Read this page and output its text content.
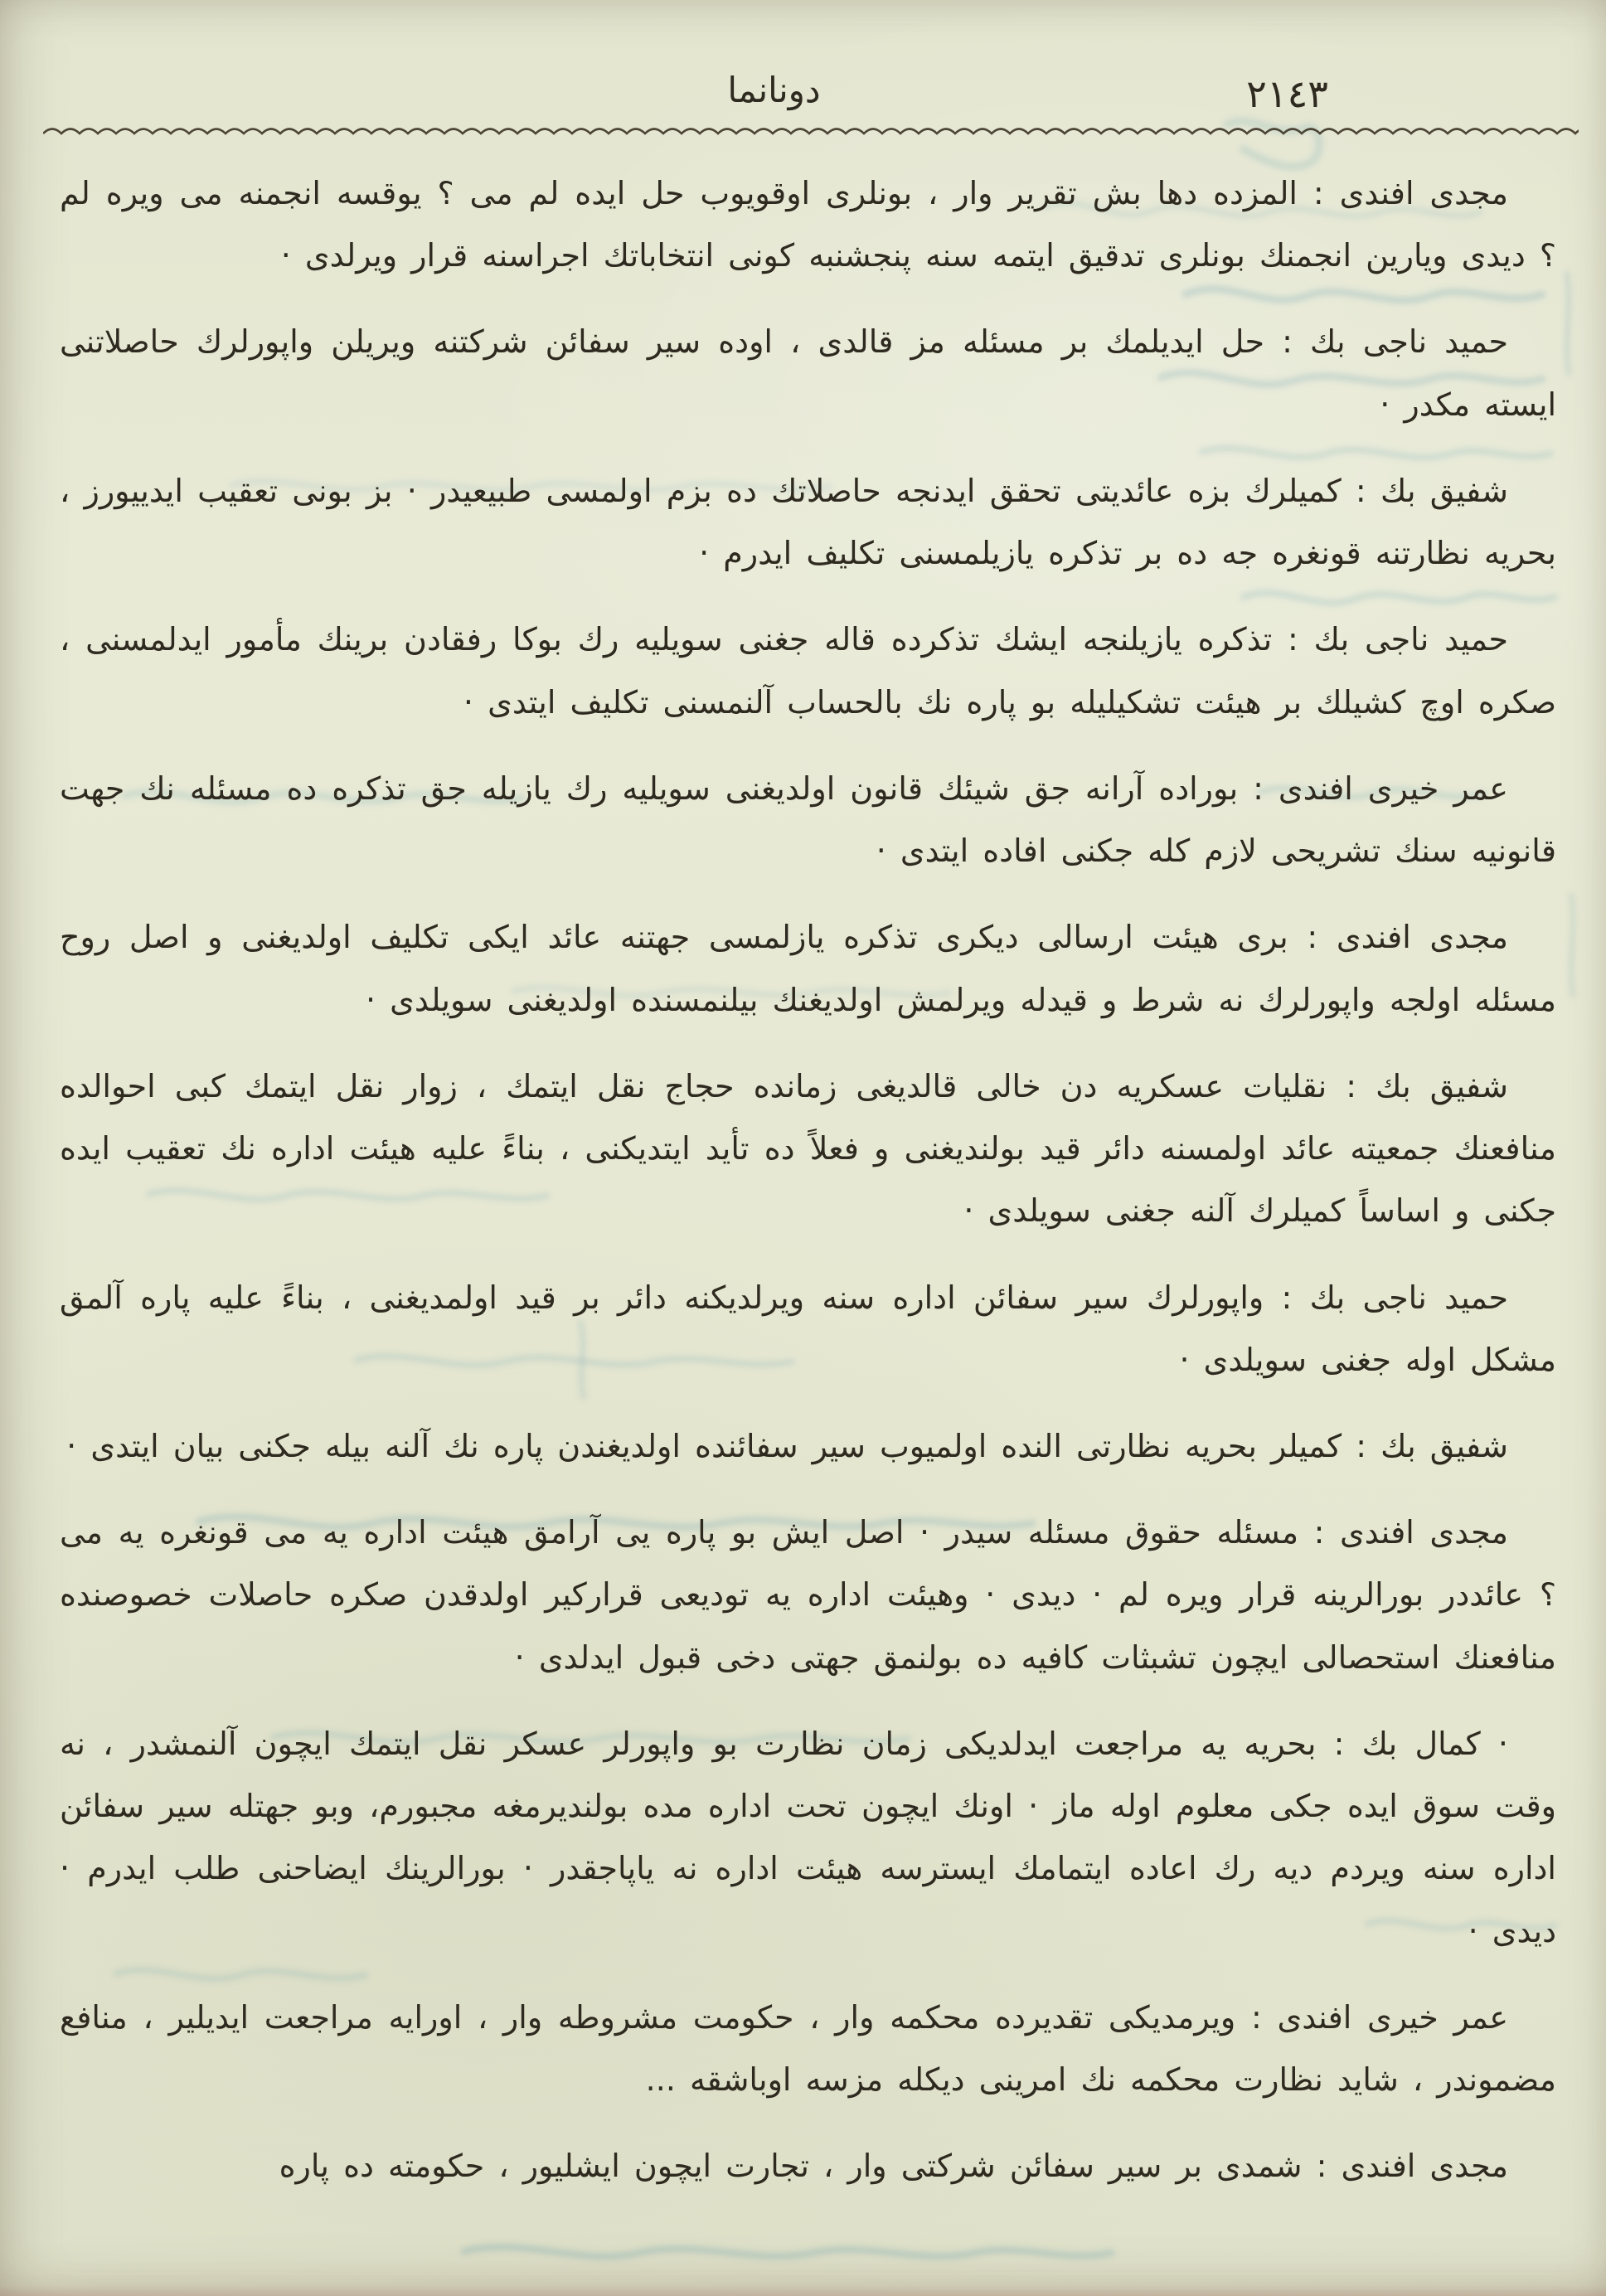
٢١٤٣
دونانما

مجدى افندى : المزده دها بش تقرير وار ، بونلرى اوقويوب حل ايده لم مى ؟ يوقسه انجمنه مى ويره لم ؟ ديدى ويارين انجمنك بونلرى تدقيق ايتمه سنه پنجشنبه كونى انتخاباتك اجراسنه قرار ويرلدى ·

حميد ناجى بك : حل ايديلمك بر مسئله مز قالدى ، اوده سير سفائن شركتنه ويريلن واپورلرك حاصلاتنى ايسته مكدر ·

شفيق بك : كميلرك بزه عائديتى تحقق ايدنجه حاصلاتك ده بزم اولمسى طبيعيدر · بز بونى تعقيب ايدييورز ، بحريه نظارتنه قونغره جه ده بر تذكره يازيلمسنى تكليف ايدرم ·

حميد ناجى بك : تذكره يازيلنجه ايشك تذكرده قاله جغنى سويليه رك بوكا رفقادن برينك مأمور ايدلمسنى ، صكره اوچ كشيلك بر هيئت تشكيليله بو پاره نك بالحساب آلنمسنى تكليف ايتدى ·

عمر خيرى افندى : بوراده آرانه جق شيئك قانون اولديغنى سويليه رك يازيله جق تذكره ده مسئله نك جهت قانونيه سنك تشريحى لازم كله جكنى افاده ايتدى ·

مجدى افندى : برى هيئت ارسالى ديكرى تذكره يازلمسى جهتنه عائد ايكى تكليف اولديغنى و اصل روح مسئله اولجه واپورلرك نه شرط و قيدله ويرلمش اولديغنك بيلنمسنده اولديغنى سويلدى ·

شفيق بك : نقليات عسكريه دن خالى قالديغى زمانده حجاج نقل ايتمك ، زوار نقل ايتمك كبى احوالده منافعنك جمعيته عائد اولمسنه دائر قيد بولنديغنى و فعلاً ده تأيد ايتديكنى ، بناءً عليه هيئت اداره نك تعقيب ايده جكنى و اساساً كميلرك آلنه جغنى سويلدى ·

حميد ناجى بك : واپورلرك سير سفائن اداره سنه ويرلديكنه دائر بر قيد اولمديغنى ، بناءً عليه پاره آلمق مشكل اوله جغنى سويلدى ·

شفيق بك : كميلر بحريه نظارتى النده اولميوب سير سفائنده اولديغندن پاره نك آلنه بيله جكنى بيان ايتدى ·

مجدى افندى : مسئله حقوق مسئله سيدر · اصل ايش بو پاره يى آرامق هيئت اداره يه مى قونغره يه مى ؟ عائددر بورالرينه قرار ويره لم · ديدى · وهيئت اداره يه توديعى قراركير اولدقدن صكره حاصلات خصوصنده منافعنك استحصالى ايچون تشبثات كافيه ده بولنمق جهتى دخى قبول ايدلدى ·

· كمال بك : بحريه يه مراجعت ايدلديكى زمان نظارت بو واپورلر عسكر نقل ايتمك ايچون آلنمشدر ، نه وقت سوق ايده جكى معلوم اوله ماز · اونك ايچون تحت اداره مده بولنديرمغه مجبورم، وبو جهتله سير سفائن اداره سنه ويردم ديه رك اعاده ايتمامك ايسترسه هيئت اداره نه ياپاجقدر · بورالرينك ايضاحنى طلب ايدرم · ديدى ·

عمر خيرى افندى : ويرمديكى تقديرده محكمه وار ، حكومت مشروطه وار ، اورايه مراجعت ايديلير ، منافع مضموندر ، شايد نظارت محكمه نك امرينى ديكله مزسه اوباشقه ...

مجدى افندى : شمدى بر سير سفائن شركتى وار ، تجارت ايچون ايشليور ، حكومته ده پاره
